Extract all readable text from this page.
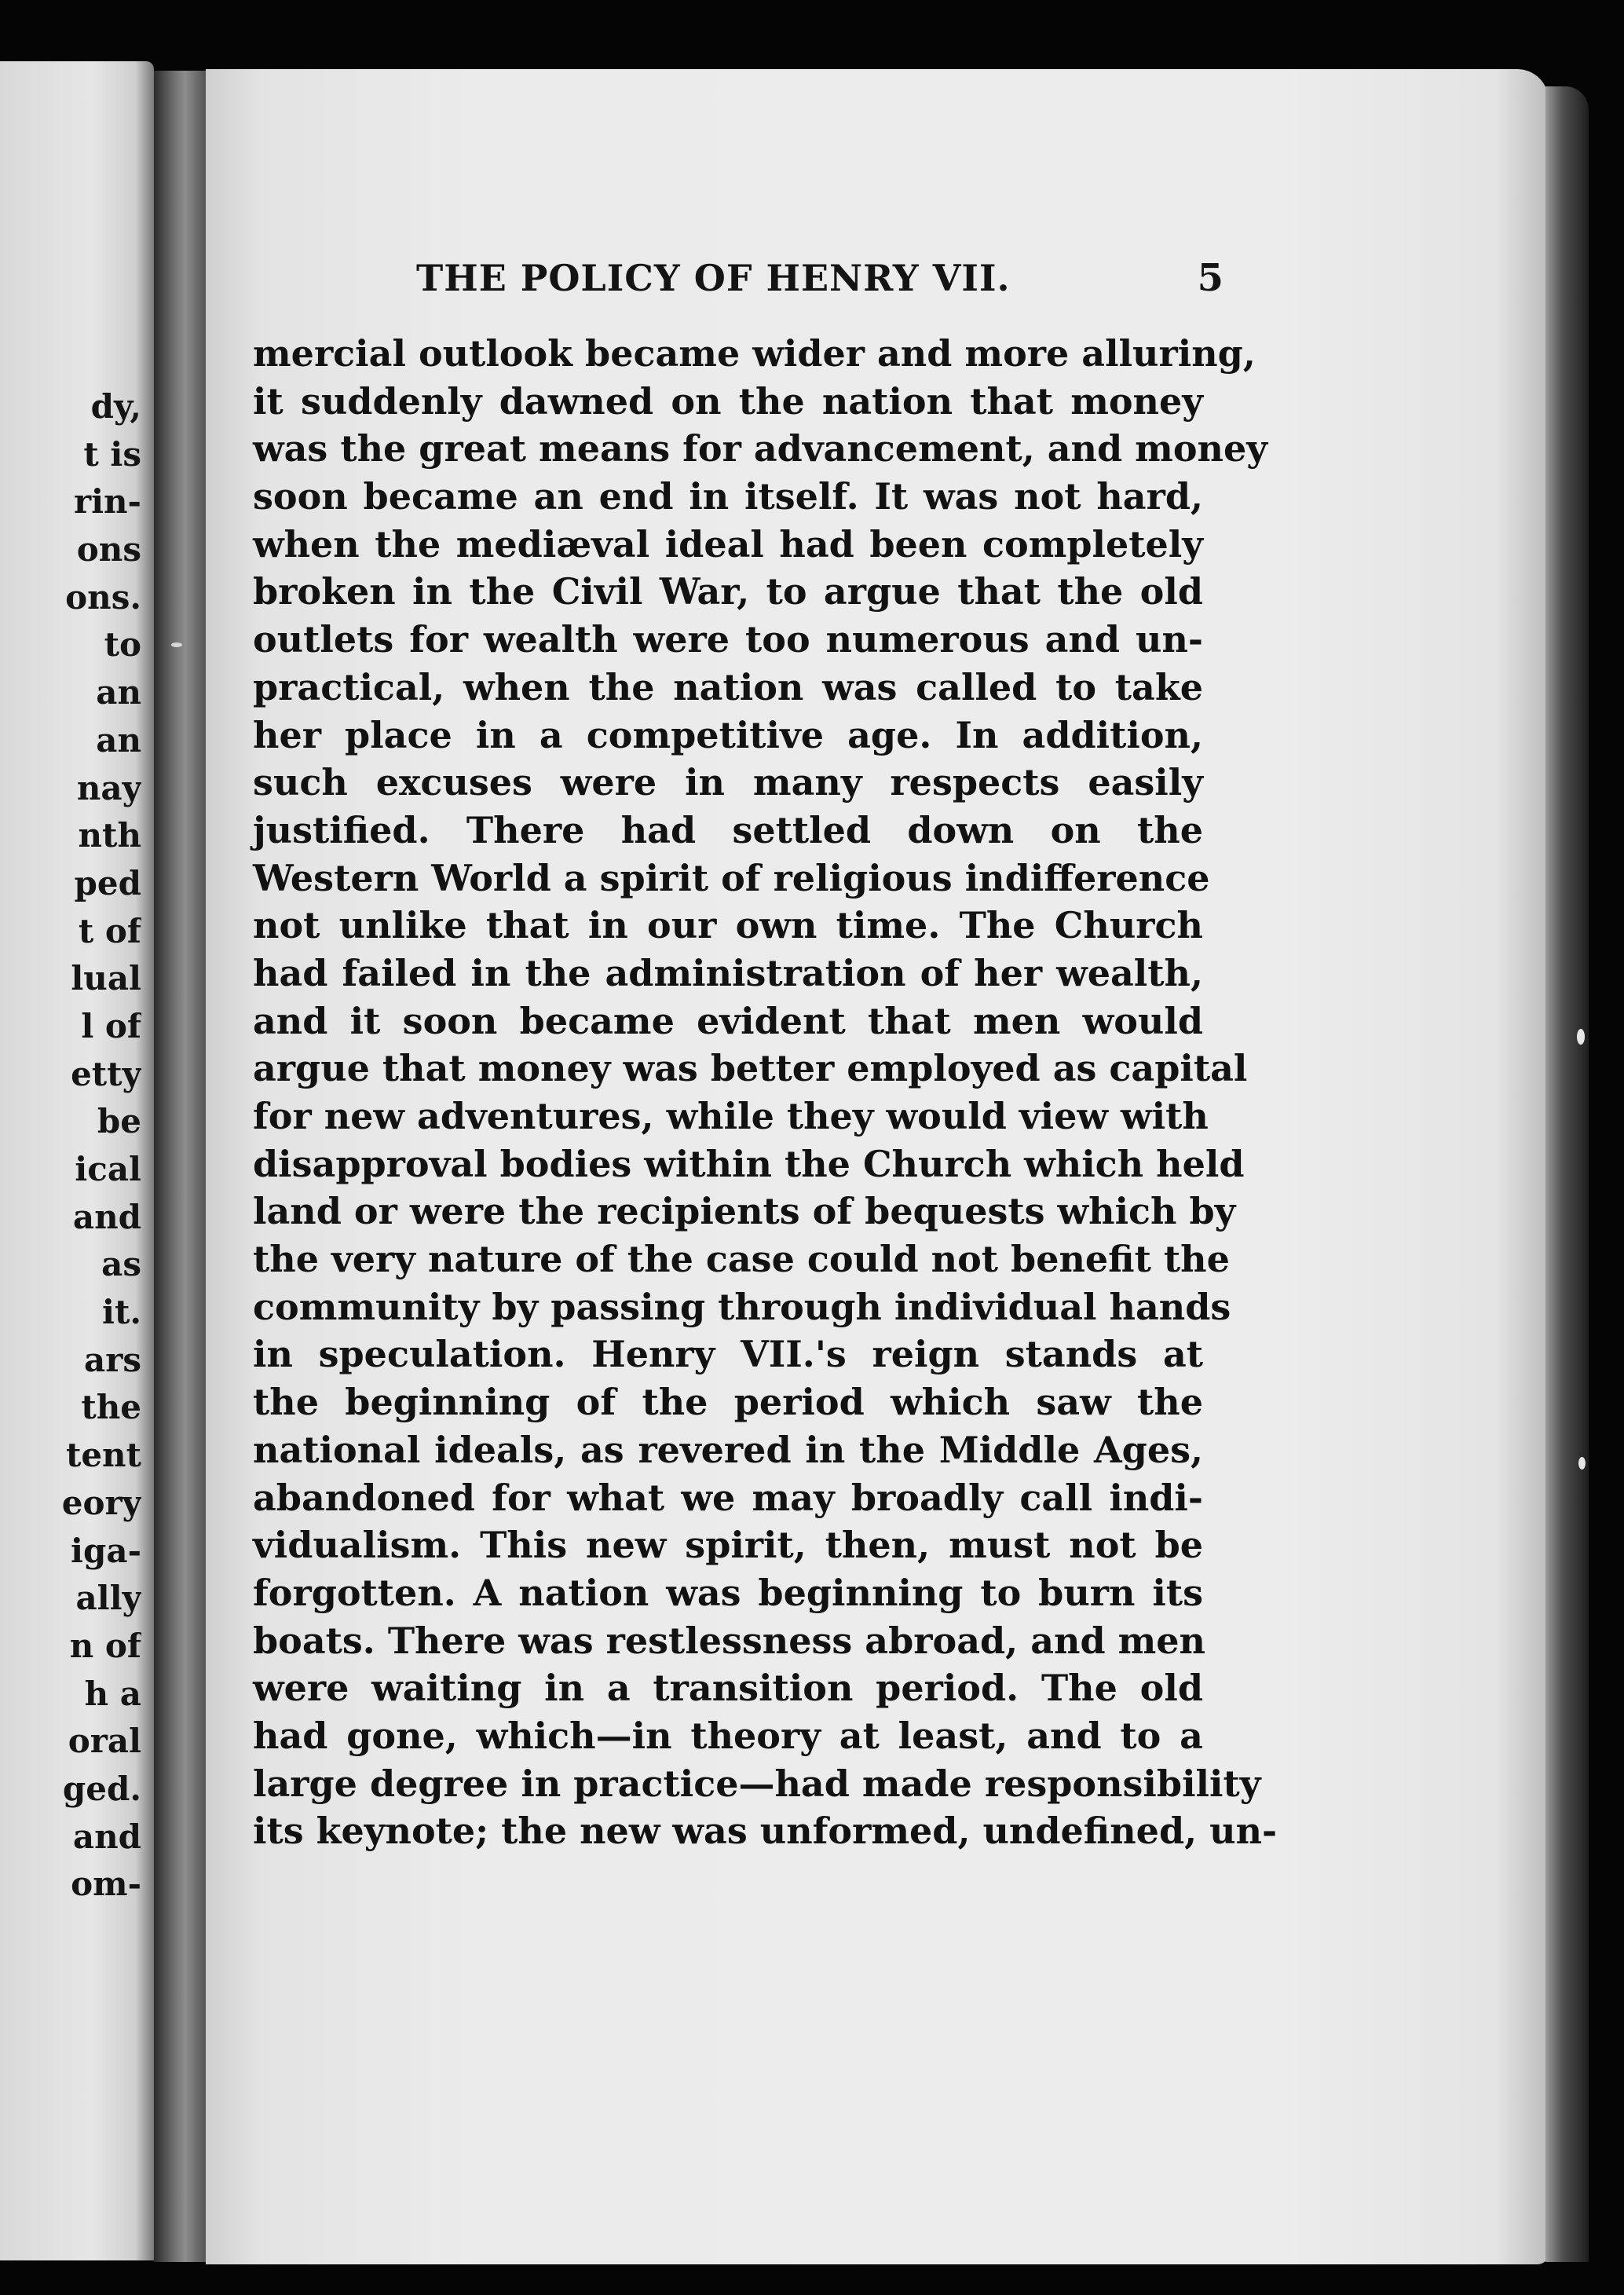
dy,
t is
rin-
ons
ons.
to
an
an
nay
nth
ped
t of
lual
l of
etty
be
ical
and
as
it.
ars
the
tent
eory
iga-
ally
n of
h a
oral
ged.
and
om-
THE POLICY OF HENRY VII.	5
mercial outlook became wider and more alluring,
it suddenly dawned on the nation that money
was the great means for advancement, and money
soon became an end in itself. It was not hard,
when the mediæval ideal had been completely
broken in the Civil War, to argue that the old
outlets for wealth were too numerous and un-
practical, when the nation was called to take
her place in a competitive age. In addition,
such excuses were in many respects easily
justified. There had settled down on the
Western World a spirit of religious indifference
not unlike that in our own time. The Church
had failed in the administration of her wealth,
and it soon became evident that men would
argue that money was better employed as capital
for new adventures, while they would view with
disapproval bodies within the Church which held
land or were the recipients of bequests which by
the very nature of the case could not benefit the
community by passing through individual hands
in speculation. Henry VII.'s reign stands at
the beginning of the period which saw the
national ideals, as revered in the Middle Ages,
abandoned for what we may broadly call indi-
vidualism. This new spirit, then, must not be
forgotten. A nation was beginning to burn its
boats. There was restlessness abroad, and men
were waiting in a transition period. The old
had gone, which—in theory at least, and to a
large degree in practice—had made responsibility
its keynote; the new was unformed, undefined, un-
